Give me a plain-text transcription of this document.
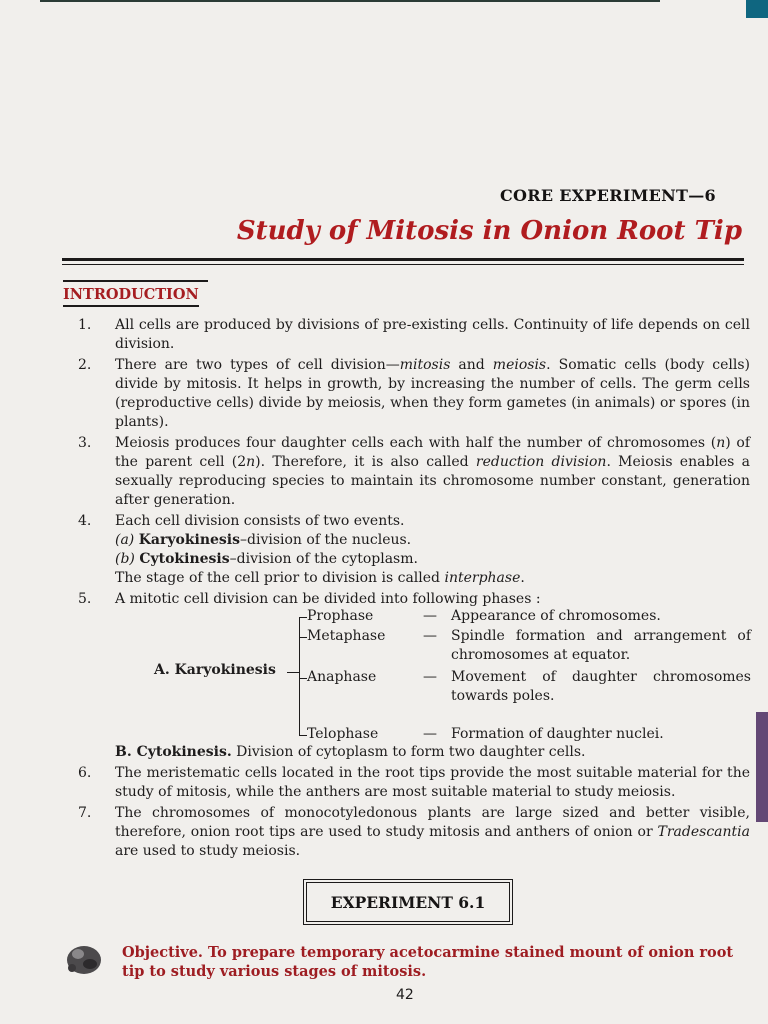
CORE EXPERIMENT—6
Study of Mitosis in Onion Root Tip
INTRODUCTION
1.	All cells are produced by divisions of pre-existing cells. Continuity of life depends on cell division.
2.	There are two types of cell division—mitosis and meiosis. Somatic cells (body cells) divide by mitosis. It helps in growth, by increasing the number of cells. The germ cells (reproductive cells) divide by meiosis, when they form gametes (in animals) or spores (in plants).
3.	Meiosis produces four daughter cells each with half the number of chromosomes (n) of the parent cell (2n). Therefore, it is also called reduction division. Meiosis enables a sexually reproducing species to maintain its chromosome number constant, generation after generation.
4.	Each cell division consists of two events.
(a) Karyokinesis–division of the nucleus.
(b) Cytokinesis–division of the cytoplasm.
The stage of the cell prior to division is called interphase.
5.	A mitotic cell division can be divided into following phases :
A. Karyokinesis
Prophase	— Appearance of chromosomes.
Metaphase	— Spindle formation and arrangement of chromosomes at equator.
Anaphase	— Movement of daughter chromosomes towards poles.
Telophase	— Formation of daughter nuclei.
B. Cytokinesis. Division of cytoplasm to form two daughter cells.
6.	The meristematic cells located in the root tips provide the most suitable material for the study of mitosis, while the anthers are most suitable material to study meiosis.
7.	The chromosomes of monocotyledonous plants are large sized and better visible, therefore, onion root tips are used to study mitosis and anthers of onion or Tradescantia are used to study meiosis.
EXPERIMENT 6.1
Objective. To prepare temporary acetocarmine stained mount of onion root tip to study various stages of mitosis.
42
